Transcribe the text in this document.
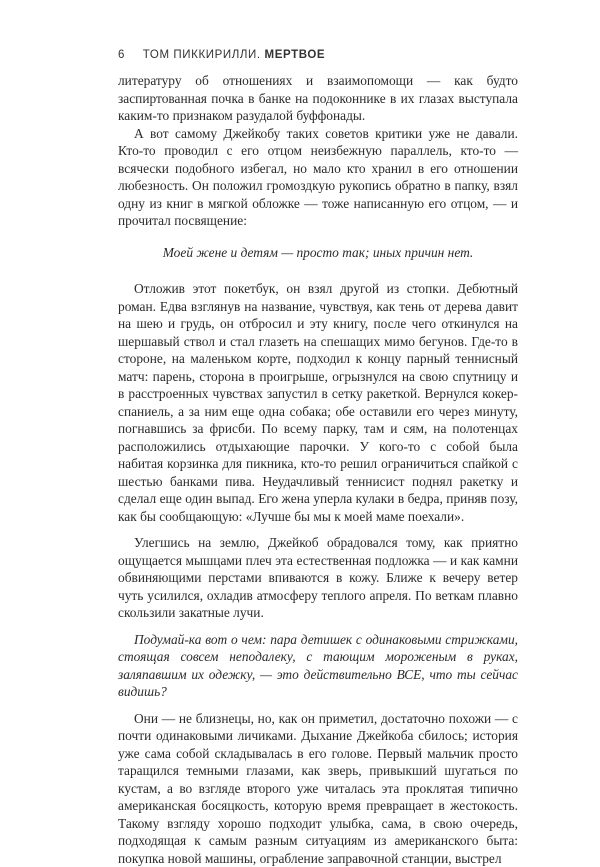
6 ТОМ ПИККИРИЛЛИ. МЕРТВОЕ

литературу об отношениях и взаимопомощи — как будто заспиртованная почка в банке на подоконнике в их глазах выступала каким-то признаком разудалой буффонады.

А вот самому Джейкобу таких советов критики уже не давали. Кто-то проводил с его отцом неизбежную параллель, кто-то — всячески подобного избегал, но мало кто хранил в его отношении любезность. Он положил громоздкую рукопись обратно в папку, взял одну из книг в мягкой обложке — тоже написанную его отцом, — и прочитал посвящение:

Моей жене и детям — просто так; иных причин нет.

Отложив этот покетбук, он взял другой из стопки. Дебютный роман. Едва взглянув на название, чувствуя, как тень от дерева давит на шею и грудь, он отбросил и эту книгу, после чего откинулся на шершавый ствол и стал глазеть на спешащих мимо бегунов. Где-то в стороне, на маленьком корте, подходил к концу парный теннисный матч: парень, сторона в проигрыше, огрызнулся на свою спутницу и в расстроенных чувствах запустил в сетку ракеткой. Вернулся кокер-спаниель, а за ним еще одна собака; обе оставили его через минуту, погнавшись за фрисби. По всему парку, там и сям, на полотенцах расположились отдыхающие парочки. У кого-то с собой была набитая корзинка для пикника, кто-то решил ограничиться спайкой с шестью банками пива. Неудачливый теннисист поднял ракетку и сделал еще один выпад. Его жена уперла кулаки в бедра, приняв позу, как бы сообщающую: «Лучше бы мы к моей маме поехали».

Улегшись на землю, Джейкоб обрадовался тому, как приятно ощущается мышцами плеч эта естественная подложка — и как камни обвиняющими перстами впиваются в кожу. Ближе к вечеру ветер чуть усилился, охладив атмосферу теплого апреля. По веткам плавно скользили закатные лучи.

Подумай-ка вот о чем: пара детишек с одинаковыми стрижками, стоящая совсем неподалеку, с тающим мороженым в руках, заляпавшим их одежку, — это действительно ВСЕ, что ты сейчас видишь?

Они — не близнецы, но, как он приметил, достаточно похожи — с почти одинаковыми личиками. Дыхание Джейкоба сбилось; история уже сама собой складывалась в его голове. Первый мальчик просто таращился темными глазами, как зверь, привыкший шугаться по кустам, а во взгляде второго уже читалась эта проклятая типично американская босяцкость, которую время превращает в жестокость. Такому взгляду хорошо подходит улыбка, сама, в свою очередь, подходящая к самым разным ситуациям из американского быта: покупка новой машины, ограбление заправочной станции, выстрел
